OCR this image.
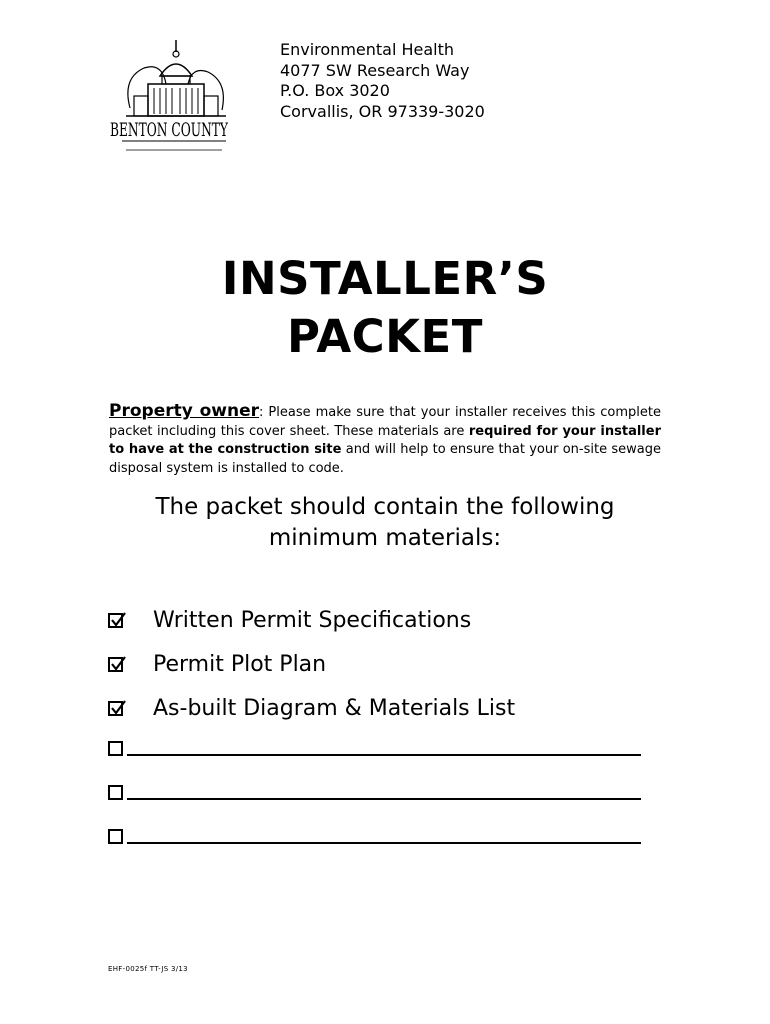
BENTON COUNTY
Environmental Health
4077 SW Research Way
P.O. Box 3020
Corvallis, OR 97339-3020
INSTALLER’S
PACKET
Property owner: Please make sure that your installer receives this complete packet including this cover sheet. These materials are required for your installer to have at the construction site and will help to ensure that your on-site sewage disposal system is installed to code.
The packet should contain the following
minimum materials:
Written Permit Specifications
Permit Plot Plan
As-built Diagram & Materials List
EHF-0025f TT-JS 3/13
